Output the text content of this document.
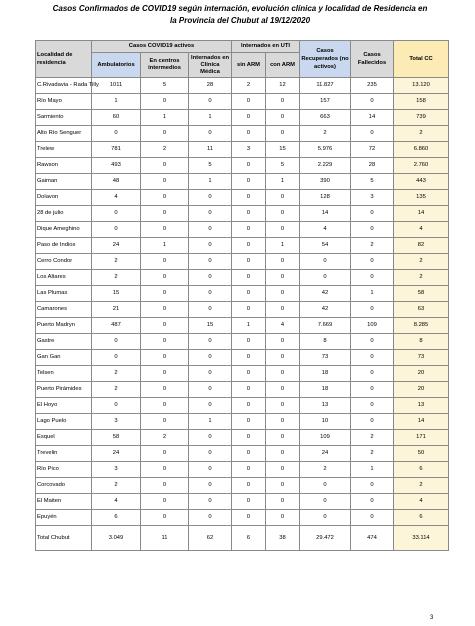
Casos Confirmados de COVID19 según internación, evolución clínica y localidad de Residencia en
la Provincia del Chubut al 19/12/2020
Localidad de residencia	Casos COVID19 activos			Internados en UTI		Casos Recuperados (no activos)	Casos Fallecidos	Total CC
	Ambulatorios	En centros intermedios	Internados en Clínica Médica	sin ARM	con ARM			
C.Rivadavia - Rada Tilly	1011	5	28	2	12	11.827	235	13.120
Río Mayo	1	0	0	0	0	157	0	158
Sarmiento	60	1	1	0	0	663	14	739
Alto Río Senguer	0	0	0	0	0	2	0	2
Trelew	781	2	11	3	15	5.976	72	6.860
Rawson	493	0	5	0	5	2.229	28	2.760
Gaiman	48	0	1	0	1	390	5	443
Dolavon	4	0	0	0	0	128	3	135
28 de julio	0	0	0	0	0	14	0	14
Dique Ameghino	0	0	0	0	0	4	0	4
Paso de Indios	24	1	0	0	1	54	2	82
Cerro Condor	2	0	0	0	0	0	0	2
Los Altares	2	0	0	0	0	0	0	2
Las Plumas	15	0	0	0	0	42	1	58
Camarones	21	0	0	0	0	42	0	63
Puerto Madryn	487	0	15	1	4	7.669	109	8.285
Gastre	0	0	0	0	0	8	0	8
Gan Gan	0	0	0	0	0	73	0	73
Telsen	2	0	0	0	0	18	0	20
Puerto Pirámides	2	0	0	0	0	18	0	20
El Hoyo	0	0	0	0	0	13	0	13
Lago Puelo	3	0	1	0	0	10	0	14
Esquel	58	2	0	0	0	109	2	171
Trevelin	24	0	0	0	0	24	2	50
Río Pico	3	0	0	0	0	2	1	6
Corcovado	2	0	0	0	0	0	0	2
El Maiten	4	0	0	0	0	0	0	4
Epuyén	6	0	0	0	0	0	0	6
Total Chubut	3.049	11	62	6	38	29.472	474	33.114
3
